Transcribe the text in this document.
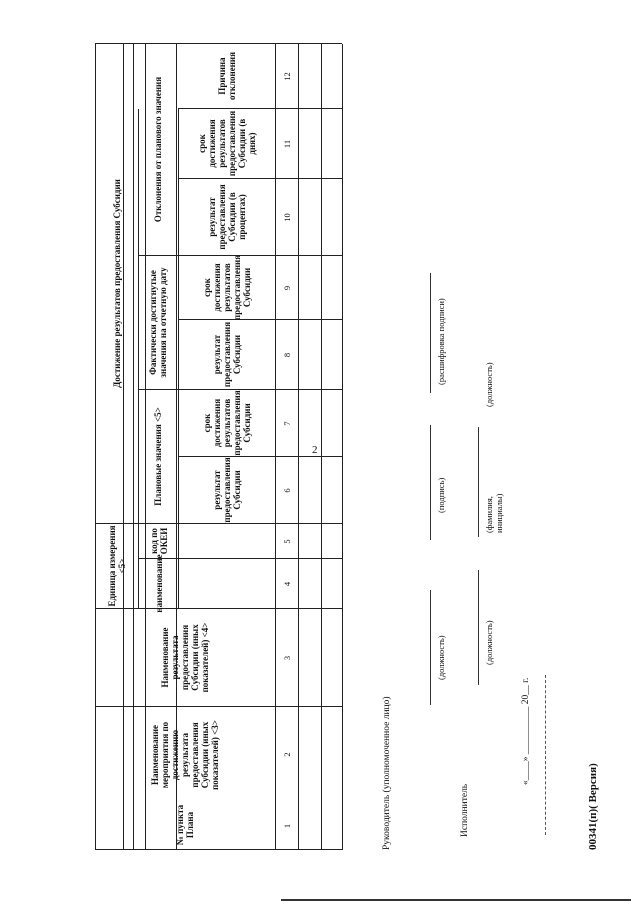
2
№ пункта Плана
Наименование мероприятия по достижению результата предоставления Субсидии (иных показателей) <3>
Наименование результата предоставления Субсидии (иных показателей) <4>
Единица измерения <5>	наименование
код по ОКЕИ
Достижение результатов предоставления Субсидии
Плановые значения <5>
Фактически достигнутые значения на отчетную дату
Отклонения от планового значения
результат предоставления Субсидии
срок достижения результатов предоставления Субсидии
результат предоставления Субсидии
срок достижения результатов предоставления Субсидии
результат предоставления Субсидии (в процентах)
срок достижения результатов предоставления Субсидии (в днях)
Причина отклонения
1
2
3
4
5
6
7
8
9
10
11
12
Руководитель (уполномоченное лицо)
(должность)
(подпись)
(расшифровка подписи)
Исполнитель
(должность)
(фамилия, инициалы)
(должность)
«____» __________ 20__ г.
00341(п)( Версия)
